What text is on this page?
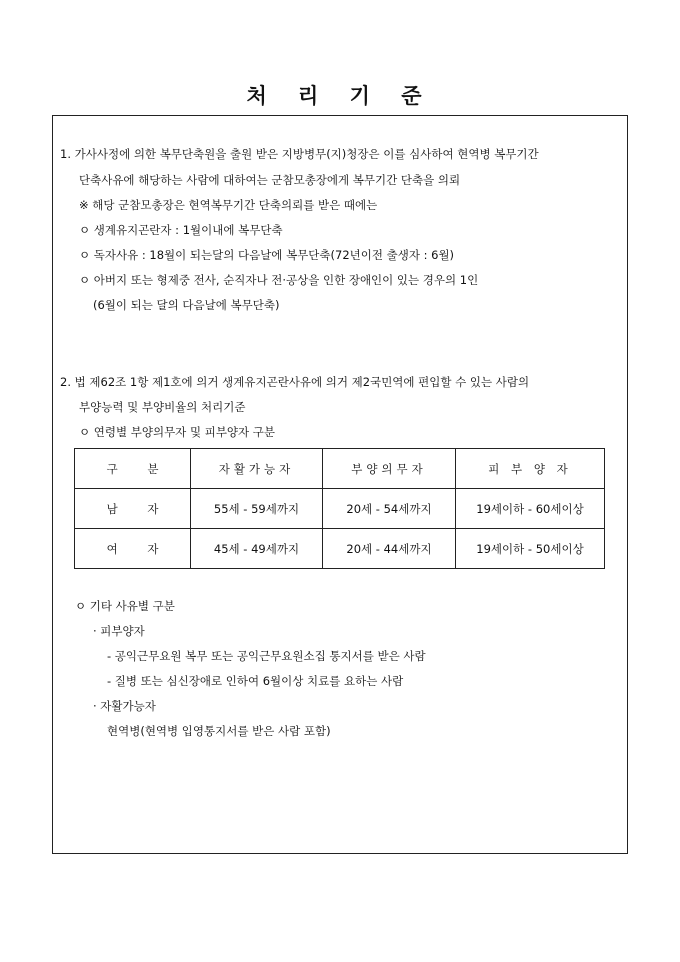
처 리 기 준
1. 가사사정에 의한 복무단축원을 출원 받은 지방병무(지)청장은 이를 심사하여 현역병 복무기간
단축사유에 해당하는 사람에 대하여는 군참모총장에게 복무기간 단축을 의뢰
※ 해당 군참모총장은 현역복무기간 단축의뢰를 받은 때에는
ㅇ 생계유지곤란자 : 1월이내에 복무단축
ㅇ 독자사유 : 18월이 되는달의 다음날에 복무단축(72년이전 출생자 : 6월)
ㅇ 아버지 또는 형제중 전사, 순직자나 전·공상을 인한 장애인이 있는 경우의 1인
(6월이 되는 달의 다음날에 복무단축)
2. 법 제62조 1항 제1호에 의거 생계유지곤란사유에 의거 제2국민역에 편입할 수 있는 사람의
부양능력 및 부양비율의 처리기준
ㅇ 연령별 부양의무자 및 피부양자 구분
구 분	자활가능자	부양의무자	피 부 양 자
남 자	55세 - 59세까지	20세 - 54세까지	19세이하 - 60세이상
여 자	45세 - 49세까지	20세 - 44세까지	19세이하 - 50세이상
ㅇ 기타 사유별 구분
· 피부양자
- 공익근무요원 복무 또는 공익근무요원소집 통지서를 받은 사람
- 질병 또는 심신장애로 인하여 6월이상 치료를 요하는 사람
· 자활가능자
현역병(현역병 입영통지서를 받은 사람 포함)
